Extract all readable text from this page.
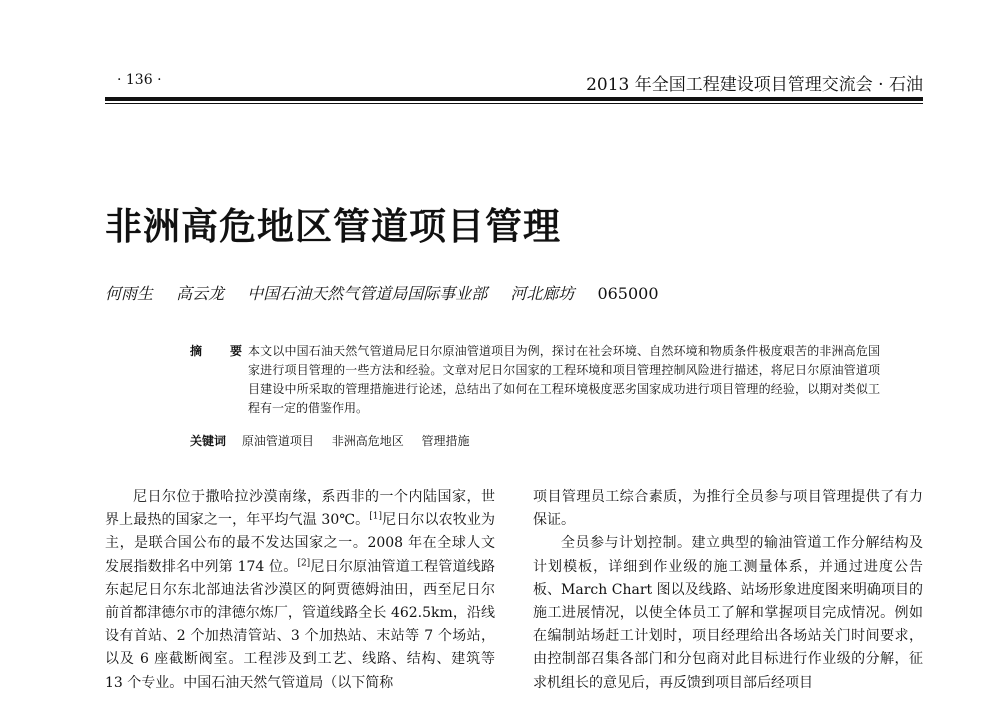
· 136 ·	2013 年全国工程建设项目管理交流会 · 石油
非洲高危地区管道项目管理
何雨生 高云龙 中国石油天然气管道局国际事业部 河北廊坊 065000
摘　要
本文以中国石油天然气管道局尼日尔原油管道项目为例，探讨在社会环境、自然环境和物质条件极度艰苦的非洲高危国家进行项目管理的一些方法和经验。文章对尼日尔国家的工程环境和项目管理控制风险进行描述，将尼日尔原油管道项目建设中所采取的管理措施进行论述，总结出了如何在工程环境极度恶劣国家成功进行项目管理的经验，以期对类似工程有一定的借鉴作用。
关键词 原油管道项目 非洲高危地区 管理措施

尼日尔位于撒哈拉沙漠南缘，系西非的一个内陆国家，世界上最热的国家之一，年平均气温 30℃。[1]尼日尔以农牧业为主，是联合国公布的最不发达国家之一。2008 年在全球人文发展指数排名中列第 174 位。[2]尼日尔原油管道工程管道线路东起尼日尔东北部迪法省沙漠区的阿贾德姆油田，西至尼日尔前首都津德尔市的津德尔炼厂，管道线路全长 462.5km，沿线设有首站、2 个加热清管站、3 个加热站、末站等 7 个场站，以及 6 座截断阀室。工程涉及到工艺、线路、结构、建筑等 13 个专业。中国石油天然气管道局（以下简称

项目管理员工综合素质，为推行全员参与项目管理提供了有力保证。

全员参与计划控制。建立典型的输油管道工作分解结构及计划模板，详细到作业级的施工测量体系，并通过进度公告板、March Chart 图以及线路、站场形象进度图来明确项目的施工进展情况，以使全体员工了解和掌握项目完成情况。例如在编制站场赶工计划时，项目经理给出各场站关门时间要求，由控制部召集各部门和分包商对此目标进行作业级的分解，征求机组长的意见后，再反馈到项目部后经项目
